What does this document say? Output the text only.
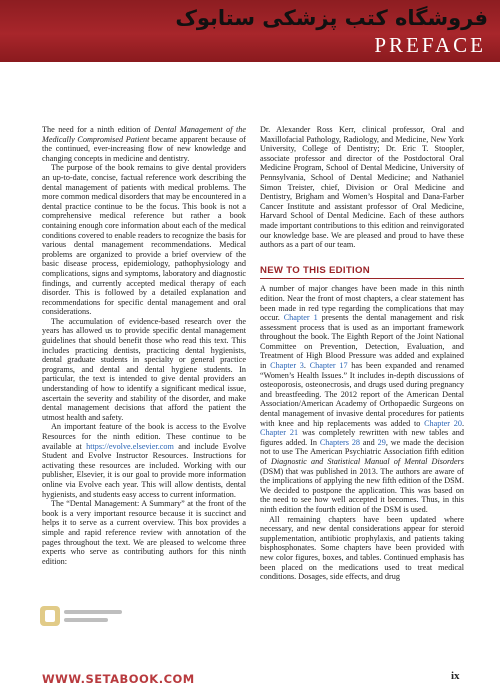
فروشگاه کتب پزشکی ستابوک
PREFACE

The need for a ninth edition of Dental Management of the Medically Compromised Patient became apparent because of the continued, ever-increasing flow of new knowledge and changing concepts in medicine and dentistry.

The purpose of the book remains to give dental providers an up-to-date, concise, factual reference work describing the dental management of patients with medical problems. The more common medical disorders that may be encountered in a dental practice continue to be the focus. This book is not a comprehensive medical reference but rather a book containing enough core information about each of the medical conditions covered to enable readers to recognize the basis for various dental management recommendations. Medical problems are organized to provide a brief overview of the basic disease process, epidemiology, pathophysiology and complications, signs and symptoms, laboratory and diagnostic findings, and currently accepted medical therapy of each disorder. This is followed by a detailed explanation and recommendations for specific dental management and oral considerations.

The accumulation of evidence-based research over the years has allowed us to provide specific dental management guidelines that should benefit those who read this text. This includes practicing dentists, practicing dental hygienists, dental graduate students in specialty or general practice programs, and dental and dental hygiene students. In particular, the text is intended to give dental providers an understanding of how to identify a significant medical issue, ascertain the severity and stability of the disorder, and make dental management decisions that afford the patient the utmost health and safety.

An important feature of the book is access to the Evolve Resources for the ninth edition. These continue to be available at https://evolve.elsevier.com and include Evolve Student and Evolve Instructor Resources. Instructions for activating these resources are included. Working with our publisher, Elsevier, it is our goal to provide more information online via Evolve each year. This will allow dentists, dental hygienists, and students easy access to current information.

The “Dental Management: A Summary” at the front of the book is a very important resource because it is succinct and helps it to serve as a current overview. This box provides a simple and rapid reference review with annotation of the pages throughout the text. We are pleased to welcome three experts who serve as contributing authors for this ninth edition:

Dr. Alexander Ross Kerr, clinical professor, Oral and Maxillofacial Pathology, Radiology, and Medicine, New York University, College of Dentistry; Dr. Eric T. Stoopler, associate professor and director of the Postdoctoral Oral Medicine Program, School of Dental Medicine, University of Pennsylvania, School of Dental Medicine; and Nathaniel Simon Treister, chief, Division or Oral Medicine and Dentistry, Brigham and Women’s Hospital and Dana-Farber Cancer Institute and assistant professor of Oral Medicine, Harvard School of Dental Medicine. Each of these authors made important contributions to this edition and reinvigorated our knowledge base. We are pleased and proud to have these authors as a part of our team.

NEW TO THIS EDITION

A number of major changes have been made in this ninth edition. Near the front of most chapters, a clear statement has been made in red type regarding the complications that may occur. Chapter 1 presents the dental management and risk assessment process that is used as an important framework throughout the book. The Eighth Report of the Joint National Committee on Prevention, Detection, Evaluation, and Treatment of High Blood Pressure was added and explained in Chapter 3. Chapter 17 has been expanded and renamed “Women’s Health Issues.” It includes in-depth discussions of osteoporosis, osteonecrosis, and drugs used during pregnancy and breastfeeding. The 2012 report of the American Dental Association/American Academy of Orthopaedic Surgeons on dental management of invasive dental procedures for patients with knee and hip replacements was added to Chapter 20. Chapter 21 was completely rewritten with new tables and figures added. In Chapters 28 and 29, we made the decision not to use The American Psychiatric Association fifth edition of Diagnostic and Statistical Manual of Mental Disorders (DSM) that was published in 2013. The authors are aware of the implications of applying the new fifth edition of the DSM. We decided to postpone the application. This was based on the need to see how well accepted it becomes. Thus, in this ninth edition the fourth edition of the DSM is used.

All remaining chapters have been updated where necessary, and new dental considerations appear for steroid supplementation, antibiotic prophylaxis, and patients taking bisphosphonates. Some chapters have been provided with new color figures, boxes, and tables. Continued emphasis has been placed on the medications used to treat medical conditions. Dosages, side effects, and drug

WWW.SETABOOK.COM	ix
